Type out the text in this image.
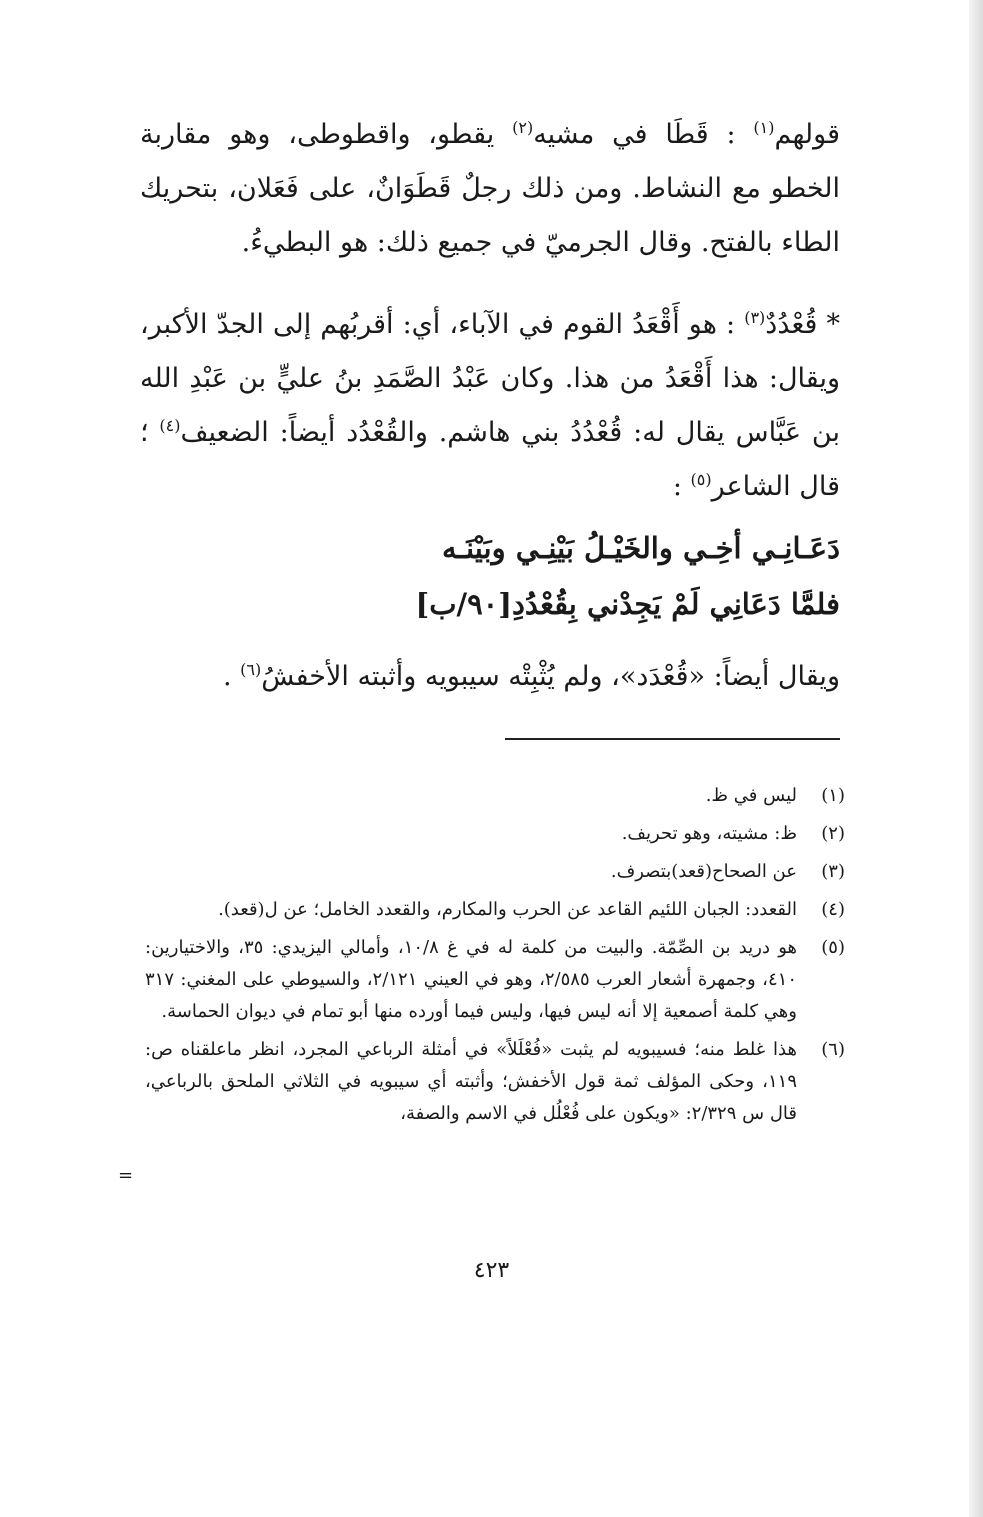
قولهم$^{(١)}$ : قَطَا في مشيه$^{(٢)}$ يقطو، واقطوطى، وهو مقاربة الخطو مع النشاط. ومن ذلك رجلٌ قَطَوَانٌ، على فَعَلان، بتحريك الطاء بالفتح. وقال الجرميّ في جميع ذلك: هو البطيءُ.

* قُعْدُدٌ$^{(٣)}$ : هو أَقْعَدُ القوم في الآباء، أي: أقربُهم إلى الجدّ الأكبر، ويقال: هذا أَقْعَدُ من هذا. وكان عَبْدُ الصَّمَدِ بنُ عليٍّ بن عَبْدِ الله بن عَبَّاس يقال له: قُعْدُدُ بني هاشم. والقُعْدُد أيضاً: الضعيف$^{(٤)}$ ؛ قال الشاعر$^{(٥)}$ :

دَعَـانِـي أخِـي والخَيْـلُ بَيْنِـي وبَيْنَـه
فلمَّا دَعَانِي لَمْ يَجِدْني بِقُعْدُدِ[٩٠/ب]
ويقال أيضاً: «قُعْدَد»، ولم يُثْبِتْه سيبويه وأثبته الأخفشُ$^{(٦)}$ .
(١)
ليس في ظ.
(٢)
ظ: مشيته، وهو تحريف.
(٣)
عن الصحاح(قعد)بتصرف.
(٤)
القعدد: الجبان اللئيم القاعد عن الحرب والمكارم، والقعدد الخامل؛ عن ل(قعد).
(٥)
هو دريد بن الصِّمّة. والبيت من كلمة له في غ ١٠/٨، وأمالي اليزيدي: ٣٥، والاختيارين: ٤١٠، وجمهرة أشعار العرب ٢/٥٨٥، وهو في العيني ٢/١٢١، والسيوطي على المغني: ٣١٧ وهي كلمة أصمعية إلا أنه ليس فيها، وليس فيما أورده منها أبو تمام في ديوان الحماسة.
(٦)
هذا غلط منه؛ فسيبويه لم يثبت «فُعْلَلاً» في أمثلة الرباعي المجرد، انظر ماعلقناه ص: ١١٩، وحكى المؤلف ثمة قول الأخفش؛ وأثبته أي سيبويه في الثلاثي الملحق بالرباعي، قال س ٢/٣٢٩: «ويكون على فُعْلُل في الاسم والصفة،
=
٤٢٣
